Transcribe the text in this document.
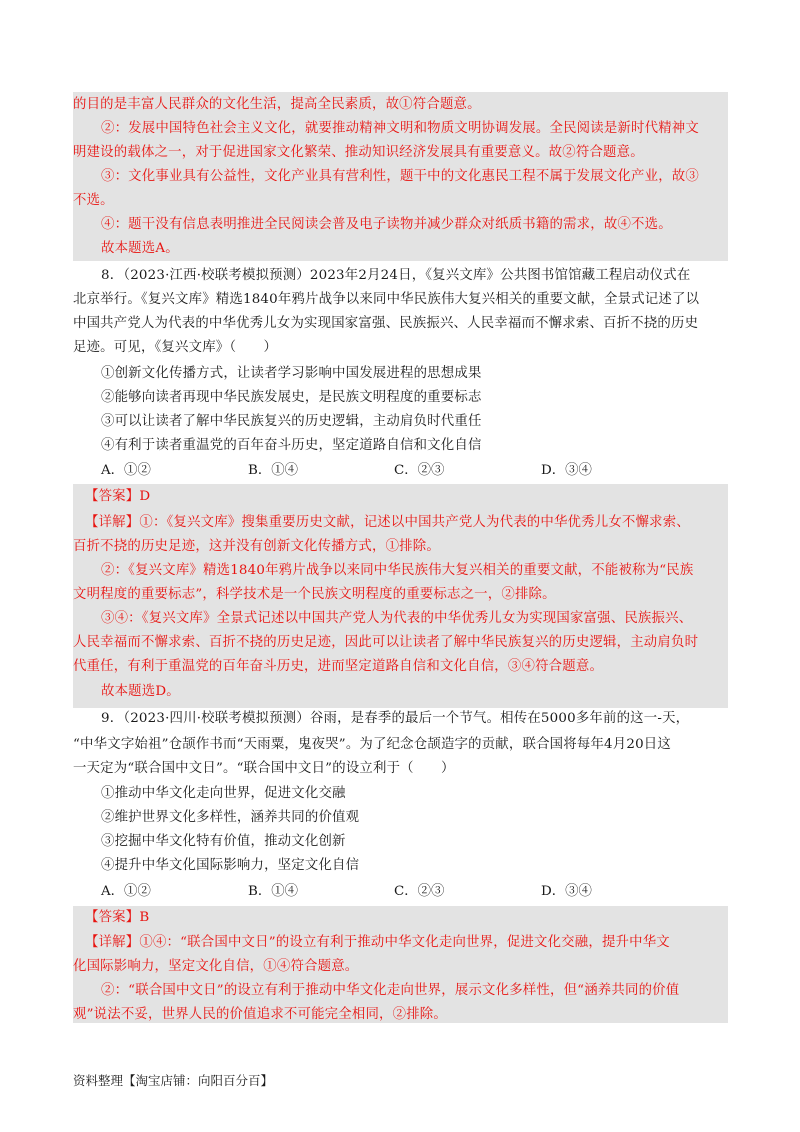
的目的是丰富人民群众的文化生活，提高全民素质，故①符合题意。
②：发展中国特色社会主义文化，就要推动精神文明和物质文明协调发展。全民阅读是新时代精神文
明建设的载体之一，对于促进国家文化繁荣、推动知识经济发展具有重要意义。故②符合题意。
③：文化事业具有公益性，文化产业具有营利性，题干中的文化惠民工程不属于发展文化产业，故③
不选。
④：题干没有信息表明推进全民阅读会普及电子读物并减少群众对纸质书籍的需求，故④不选。
故本题选A。
8．（2023·江西·校联考模拟预测）2023年2月24日，《复兴文库》公共图书馆馆藏工程启动仪式在
北京举行。《复兴文库》精选1840年鸦片战争以来同中华民族伟大复兴相关的重要文献，全景式记述了以
中国共产党人为代表的中华优秀儿女为实现国家富强、民族振兴、人民幸福而不懈求索、百折不挠的历史
足迹。可见，《复兴文库》（　　）
①创新文化传播方式，让读者学习影响中国发展进程的思想成果
②能够向读者再现中华民族发展史，是民族文明程度的重要标志
③可以让读者了解中华民族复兴的历史逻辑，主动肩负时代重任
④有利于读者重温党的百年奋斗历史，坚定道路自信和文化自信
A．①②	B．①④	C．②③	D．③④
【答案】D
【详解】①：《复兴文库》搜集重要历史文献，记述以中国共产党人为代表的中华优秀儿女不懈求索、
百折不挠的历史足迹，这并没有创新文化传播方式，①排除。
②：《复兴文库》精选1840年鸦片战争以来同中华民族伟大复兴相关的重要文献，不能被称为“民族
文明程度的重要标志”，科学技术是一个民族文明程度的重要标志之一，②排除。
③④：《复兴文库》全景式记述以中国共产党人为代表的中华优秀儿女为实现国家富强、民族振兴、
人民幸福而不懈求索、百折不挠的历史足迹，因此可以让读者了解中华民族复兴的历史逻辑，主动肩负时
代重任，有利于重温党的百年奋斗历史，进而坚定道路自信和文化自信，③④符合题意。
故本题选D。
9．（2023·四川·校联考模拟预测）谷雨，是春季的最后一个节气。相传在5000多年前的这一-天，
“中华文字始祖”仓颉作书而“天雨粟，鬼夜哭”。为了纪念仓颉造字的贡献，联合国将每年4月20日这
一天定为“联合国中文日”。“联合国中文日”的设立利于（　　）
①推动中华文化走向世界，促进文化交融
②维护世界文化多样性，涵养共同的价值观
③挖掘中华文化特有价值，推动文化创新
④提升中华文化国际影响力，坚定文化自信
A．①②	B．①④	C．②③	D．③④
【答案】B
【详解】①④：“联合国中文日”的设立有利于推动中华文化走向世界，促进文化交融，提升中华文
化国际影响力，坚定文化自信，①④符合题意。
②：“联合国中文日”的设立有利于推动中华文化走向世界，展示文化多样性，但“涵养共同的价值
观”说法不妥，世界人民的价值追求不可能完全相同，②排除。
资料整理【淘宝店铺：向阳百分百】
